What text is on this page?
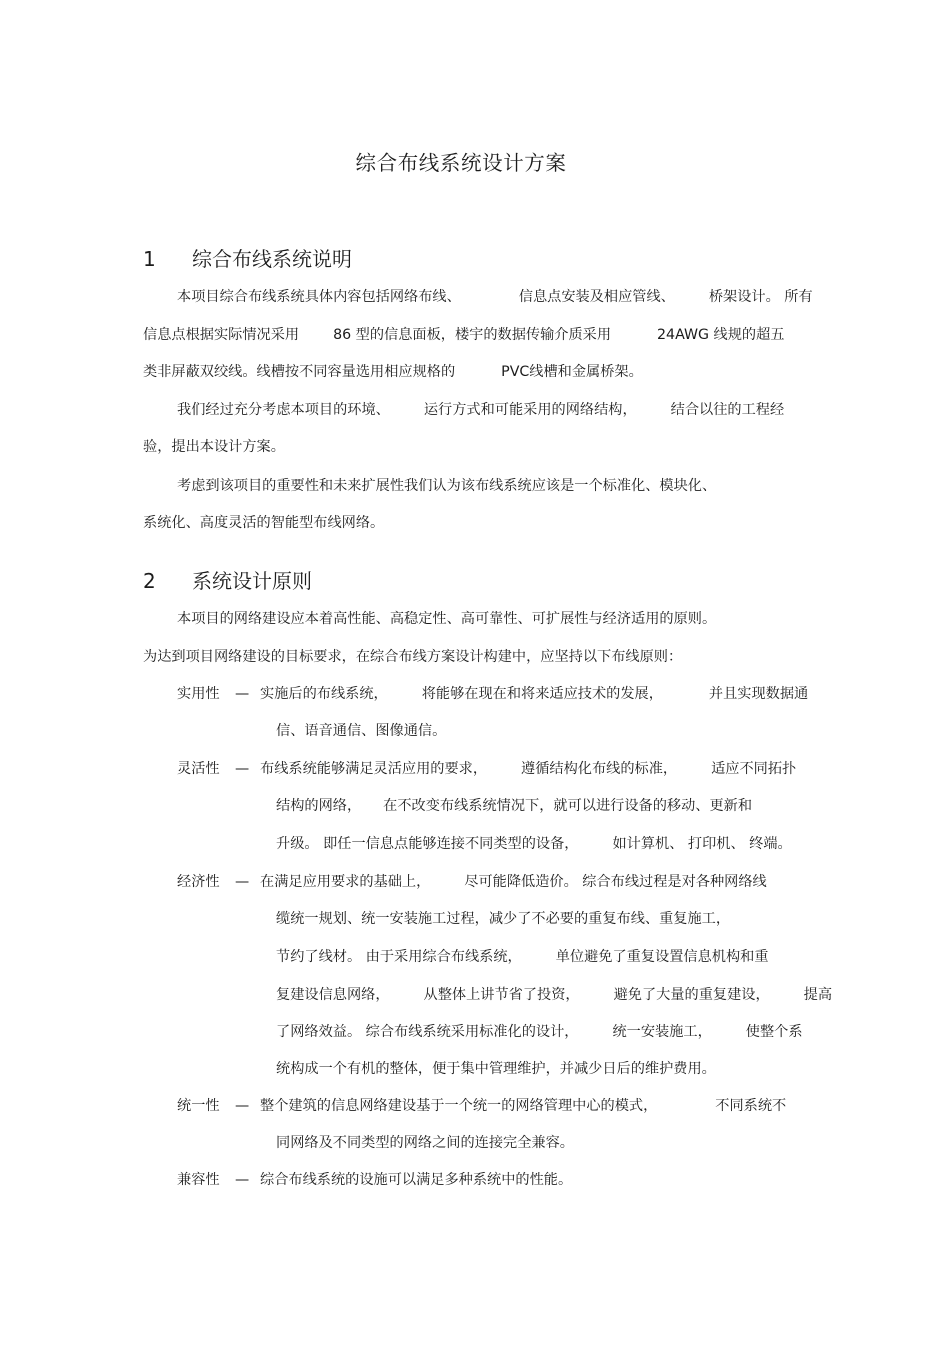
综合布线系统设计方案
1 综合布线系统说明
本项目综合布线系统具体内容包括网络布线、	信息点安装及相应管线、 桥架设计。 所有
信息点根据实际情况采用 86 型的信息面板，楼宇的数据传输介质采用	24AWG 线规的超五
类非屏蔽双绞线。线槽按不同容量选用相应规格的	PVC线槽和金属桥架。
我们经过充分考虑本项目的环境、 运行方式和可能采用的网络结构， 结合以往的工程经
验，提出本设计方案。
考虑到该项目的重要性和未来扩展性我们认为该布线系统应该是一个标准化、模块化、
系统化、高度灵活的智能型布线网络。
2 系统设计原则
本项目的网络建设应本着高性能、高稳定性、高可靠性、可扩展性与经济适用的原则。
为达到项目网络建设的目标要求，在综合布线方案设计构建中，应坚持以下布线原则：
实用性 — 实施后的布线系统， 将能够在现在和将来适应技术的发展，	并且实现数据通
信、语音通信、图像通信。
灵活性 — 布线系统能够满足灵活应用的要求， 遵循结构化布线的标准， 适应不同拓扑
结构的网络， 在不改变布线系统情况下，就可以进行设备的移动、更新和
升级。 即任一信息点能够连接不同类型的设备， 如计算机、 打印机、 终端。
经济性 — 在满足应用要求的基础上， 尽可能降低造价。 综合布线过程是对各种网络线
缆统一规划、统一安装施工过程，减少了不必要的重复布线、重复施工，
节约了线材。 由于采用综合布线系统， 单位避免了重复设置信息机构和重
复建设信息网络， 从整体上讲节省了投资， 避免了大量的重复建设， 提高
了网络效益。 综合布线系统采用标准化的设计， 统一安装施工， 使整个系
统构成一个有机的整体，便于集中管理维护，并减少日后的维护费用。
统一性 — 整个建筑的信息网络建设基于一个统一的网络管理中心的模式，	不同系统不
同网络及不同类型的网络之间的连接完全兼容。
兼容性 — 综合布线系统的设施可以满足多种系统中的性能。
